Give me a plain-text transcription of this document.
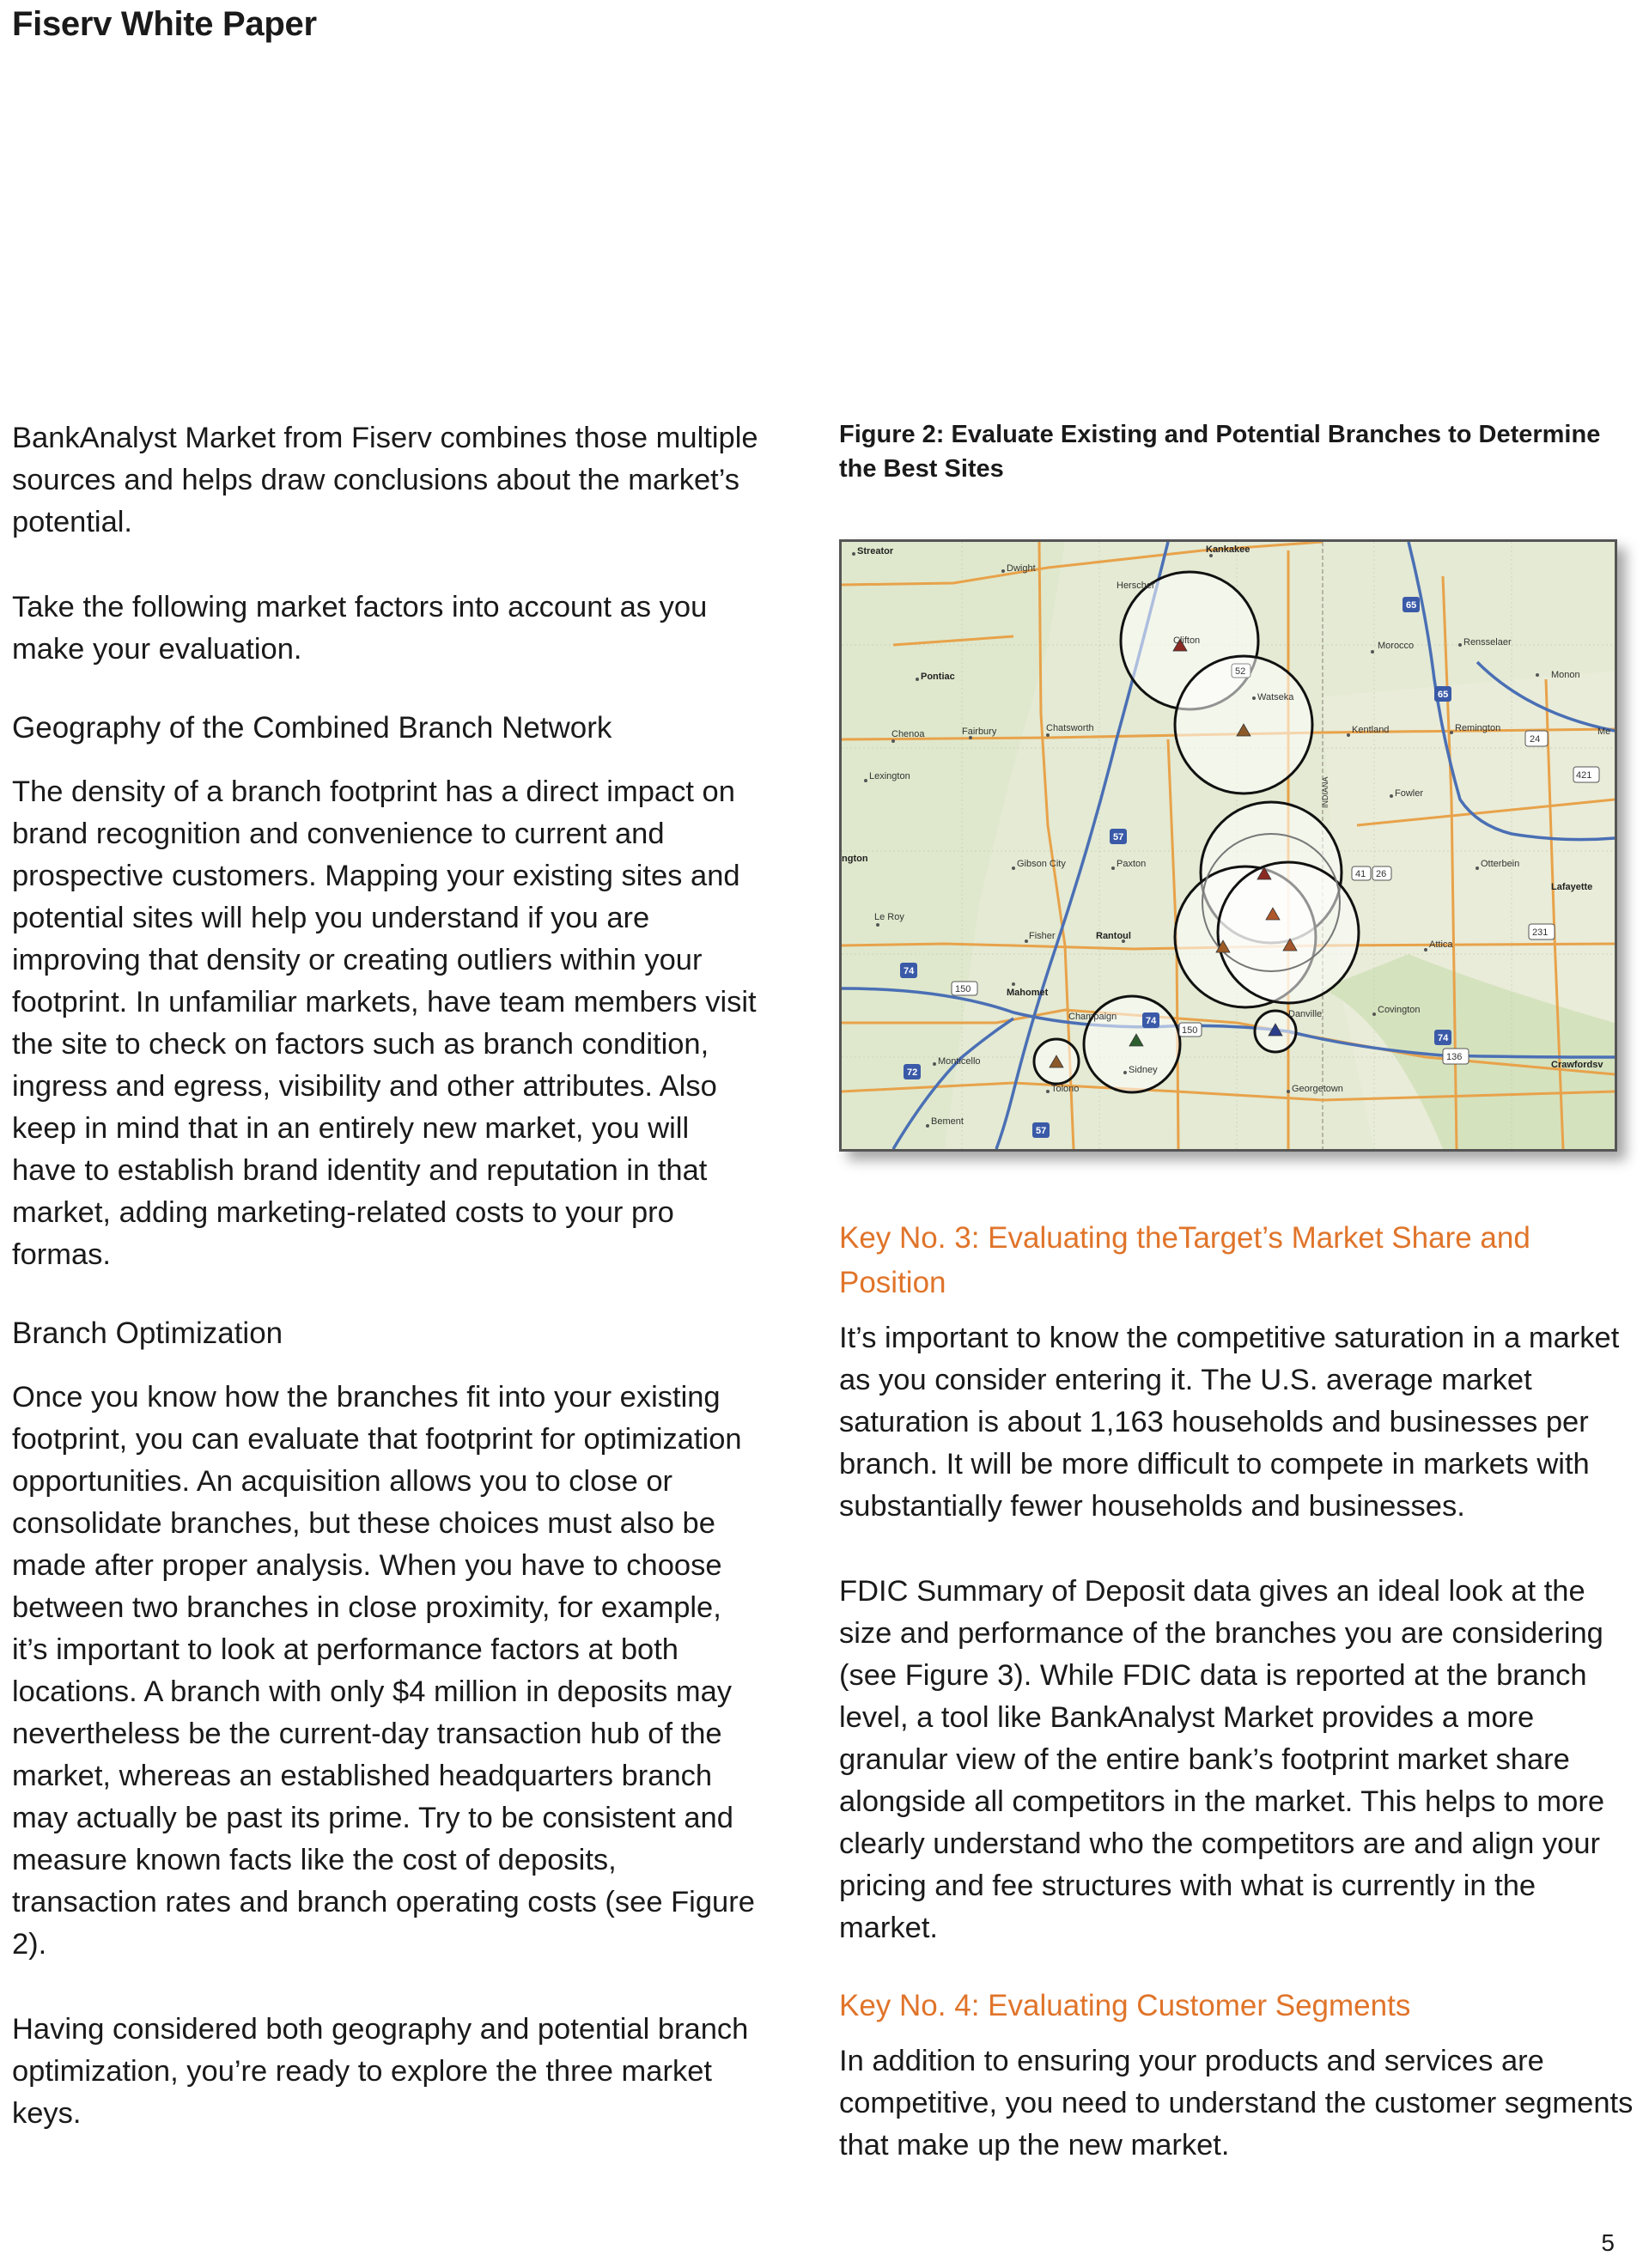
Fiserv White Paper

BankAnalyst Market from Fiserv combines those multiple sources and helps draw conclusions about the market’s potential.

Take the following market factors into account as you make your evaluation.

Geography of the Combined Branch Network

The density of a branch footprint has a direct impact on brand recognition and convenience to current and prospective customers. Mapping your existing sites and potential sites will help you understand if you are improving that density or creating outliers within your footprint. In unfamiliar markets, have team members visit the site to check on factors such as branch condition, ingress and egress, visibility and other attributes. Also keep in mind that in an entirely new market, you will have to establish brand identity and reputation in that market, adding marketing-related costs to your pro formas.

Branch Optimization

Once you know how the branches fit into your existing footprint, you can evaluate that footprint for optimization opportunities. An acquisition allows you to close or consolidate branches, but these choices must also be made after proper analysis. When you have to choose between two branches in close proximity, for example, it’s important to look at performance factors at both locations. A branch with only $4 million in deposits may nevertheless be the current-day transaction hub of the market, whereas an established headquarters branch may actually be past its prime. Try to be consistent and measure known facts like the cost of deposits, transaction rates and branch operating costs (see Figure 2).

Having considered both geography and potential branch optimization, you’re ready to explore the three market keys.

Figure 2: Evaluate Existing and Potential Branches to Determine the Best Sites

Key No. 3: Evaluating theTarget’s Market Share and Position

It’s important to know the competitive saturation in a market as you consider entering it. The U.S. average market saturation is about 1,163 households and businesses per branch. It will be more difficult to compete in markets with substantially fewer households and businesses.

FDIC Summary of Deposit data gives an ideal look at the size and performance of the branches you are considering (see Figure 3). While FDIC data is reported at the branch level, a tool like BankAnalyst Market provides a more granular view of the entire bank’s footprint market share alongside all competitors in the market. This helps to more clearly understand who the competitors are and align your pricing and fee structures with what is currently in the market.

Key No. 4: Evaluating Customer Segments

In addition to ensuring your products and services are competitive, you need to understand the customer segments that make up the new market.

Streator
Dwight
Kankakee
Herscher
Clifton
Pontiac
Morocco	Rensselaer
Monon
Watseka
Chenoa	Fairbury	Chatsworth	Kentland	Remington
Lexington
INDIANA	Fowler
Gibson City	Paxton	Otterbein
Lafayette
Le Roy
Fisher	Rantoul
Attica
Mahomet
Covington
Champaign	Danville
Monticello
Sidney	Crawfordsv
Tolono	Georgetown
Bement
ngton
Me
65
65
52
24
421
57
41 26
231
74
150
74
150
136
74
72
57
5
